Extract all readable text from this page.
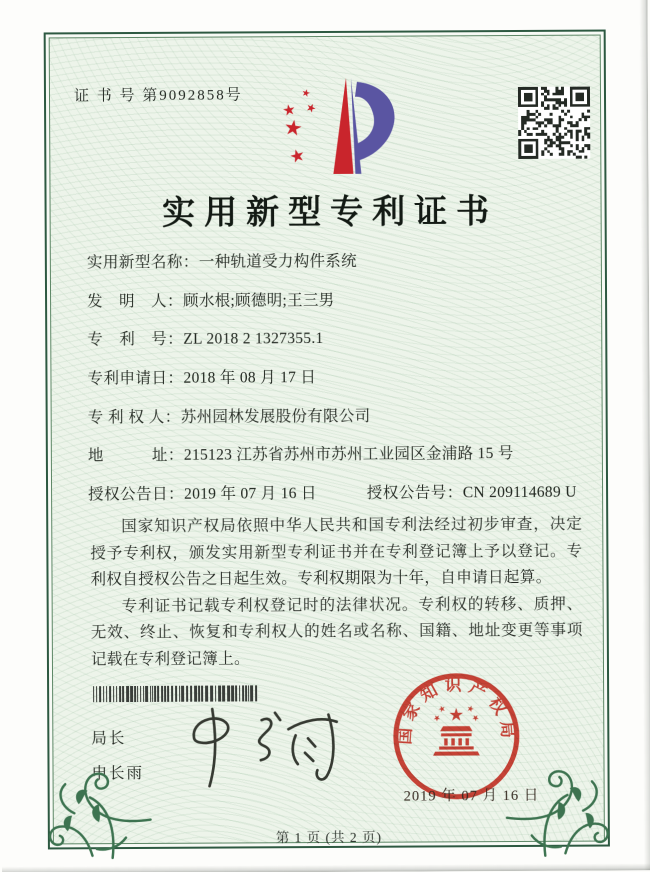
证 书 号 第9092858号
实用新型专利证书
实用新型名称：一种轨道受力构件系统
发　明　人：顾水根;顾德明;王三男
专　利　号：ZL 2018 2 1327355.1
专利申请日：2018 年 08 月 17 日
专 利 权 人：苏州园林发展股份有限公司
地　　　址：215123 江苏省苏州市苏州工业园区金浦路 15 号
授权公告日：2019 年 07 月 16 日	授权公告号：CN 209114689 U

国家知识产权局依照中华人民共和国专利法经过初步审查，决定授予专利权，颁发实用新型专利证书并在专利登记簿上予以登记。专利权自授权公告之日起生效。专利权期限为十年，自申请日起算。

专利证书记载专利权登记时的法律状况。专利权的转移、质押、无效、终止、恢复和专利权人的姓名或名称、国籍、地址变更等事项记载在专利登记簿上。

局长
申长雨
国家知识产权局
2019 年 07 月 16 日
第 1 页 (共 2 页)
